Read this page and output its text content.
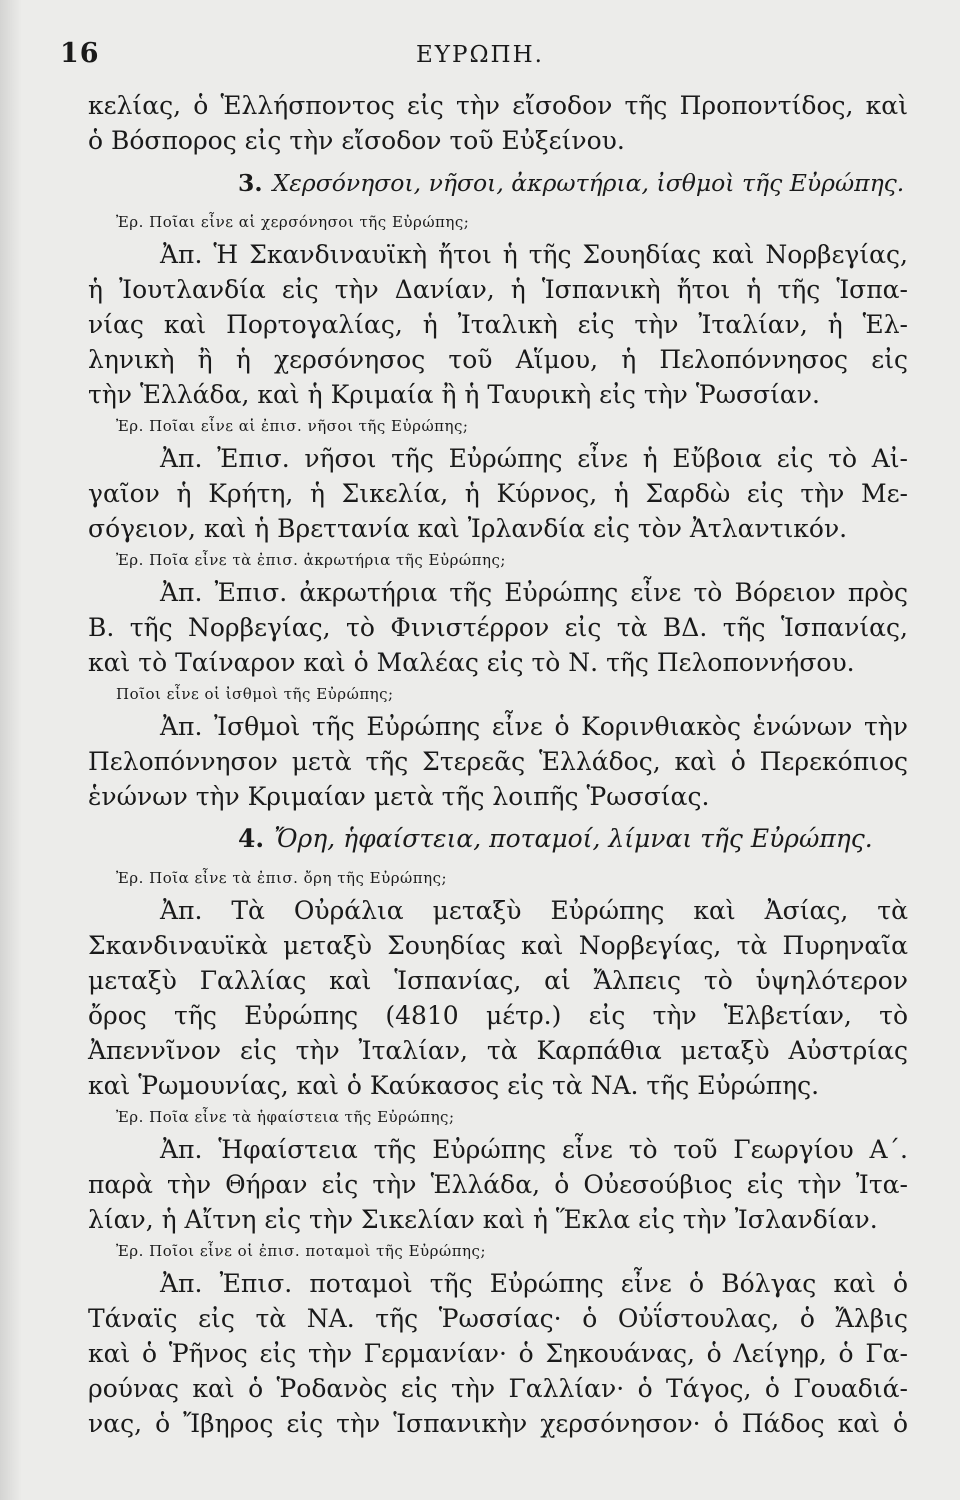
16	ΕΥΡΩΠΗ.
κελίας, ὁ Ἑλλήσποντος εἰς τὴν εἴσοδον τῆς Προποντίδος, καὶ
ὁ Βόσπορος εἰς τὴν εἴσοδον τοῦ Εὐξείνου.
3. Χερσόνησοι, νῆσοι, ἀκρωτήρια, ἰσθμοὶ τῆς Εὐρώπης.
Ἐρ. Ποῖαι εἶνε αἱ χερσόνησοι τῆς Εὐρώπης;
Ἀπ. Ἡ Σκανδιναυϊκὴ ἤτοι ἡ τῆς Σουηδίας καὶ Νορβεγίας,
ἡ Ἰουτλανδία εἰς τὴν Δανίαν, ἡ Ἱσπανικὴ ἤτοι ἡ τῆς Ἱσπα-
νίας καὶ Πορτογαλίας, ἡ Ἰταλικὴ εἰς τὴν Ἰταλίαν, ἡ Ἑλ-
ληνικὴ ἢ ἡ χερσόνησος τοῦ Αἵμου, ἡ Πελοπόννησος εἰς
τὴν Ἑλλάδα, καὶ ἡ Κριμαία ἢ ἡ Ταυρικὴ εἰς τὴν Ῥωσσίαν.
Ἐρ. Ποῖαι εἶνε αἱ ἐπισ. νῆσοι τῆς Εὐρώπης;
Ἀπ. Ἐπισ. νῆσοι τῆς Εὐρώπης εἶνε ἡ Εὔβοια εἰς τὸ Αἰ-
γαῖον ἡ Κρήτη, ἡ Σικελία, ἡ Κύρνος, ἡ Σαρδὼ εἰς τὴν Με-
σόγειον, καὶ ἡ Βρεττανία καὶ Ἰρλανδία εἰς τὸν Ἀτλαντικόν.
Ἐρ. Ποῖα εἶνε τὰ ἐπισ. ἀκρωτήρια τῆς Εὐρώπης;
Ἀπ. Ἐπισ. ἀκρωτήρια τῆς Εὐρώπης εἶνε τὸ Βόρειον πρὸς
Β. τῆς Νορβεγίας, τὸ Φινιστέρρον εἰς τὰ ΒΔ. τῆς Ἱσπανίας,
καὶ τὸ Ταίναρον καὶ ὁ Μαλέας εἰς τὸ Ν. τῆς Πελοποννήσου.
Ποῖοι εἶνε οἱ ἰσθμοὶ τῆς Εὐρώπης;
Ἀπ. Ἰσθμοὶ τῆς Εὐρώπης εἶνε ὁ Κορινθιακὸς ἑνώνων τὴν
Πελοπόννησον μετὰ τῆς Στερεᾶς Ἑλλάδος, καὶ ὁ Περεκόπιος
ἑνώνων τὴν Κριμαίαν μετὰ τῆς λοιπῆς Ῥωσσίας.
4. Ὄρη, ἡφαίστεια, ποταμοί, λίμναι τῆς Εὐρώπης.
Ἐρ. Ποῖα εἶνε τὰ ἐπισ. ὄρη τῆς Εὐρώπης;
Ἀπ. Τὰ Οὐράλια μεταξὺ Εὐρώπης καὶ Ἀσίας, τὰ
Σκανδιναυϊκὰ μεταξὺ Σουηδίας καὶ Νορβεγίας, τὰ Πυρηναῖα
μεταξὺ Γαλλίας καὶ Ἱσπανίας, αἱ Ἄλπεις τὸ ὑψηλότερον
ὄρος τῆς Εὐρώπης (4810 μέτρ.) εἰς τὴν Ἑλβετίαν, τὸ
Ἀπεννῖνον εἰς τὴν Ἰταλίαν, τὰ Καρπάθια μεταξὺ Αὐστρίας
καὶ Ῥωμουνίας, καὶ ὁ Καύκασος εἰς τὰ ΝΑ. τῆς Εὐρώπης.
Ἐρ. Ποῖα εἶνε τὰ ἡφαίστεια τῆς Εὐρώπης;
Ἀπ. Ἡφαίστεια τῆς Εὐρώπης εἶνε τὸ τοῦ Γεωργίου Α΄.
παρὰ τὴν Θήραν εἰς τὴν Ἑλλάδα, ὁ Οὐεσούβιος εἰς τὴν Ἰτα-
λίαν, ἡ Αἴτνη εἰς τὴν Σικελίαν καὶ ἡ Ἕκλα εἰς τὴν Ἰσλανδίαν.
Ἐρ. Ποῖοι εἶνε οἱ ἐπισ. ποταμοὶ τῆς Εὐρώπης;
Ἀπ. Ἐπισ. ποταμοὶ τῆς Εὐρώπης εἶνε ὁ Βόλγας καὶ ὁ
Τάναϊς εἰς τὰ ΝΑ. τῆς Ῥωσσίας· ὁ Οὐΐστουλας, ὁ Ἄλβις
καὶ ὁ Ῥῆνος εἰς τὴν Γερμανίαν· ὁ Σηκουάνας, ὁ Λείγηρ, ὁ Γα-
ρούνας καὶ ὁ Ῥοδανὸς εἰς τὴν Γαλλίαν· ὁ Τάγος, ὁ Γουαδιά-
νας, ὁ Ἴβηρος εἰς τὴν Ἱσπανικὴν χερσόνησον· ὁ Πάδος καὶ ὁ
